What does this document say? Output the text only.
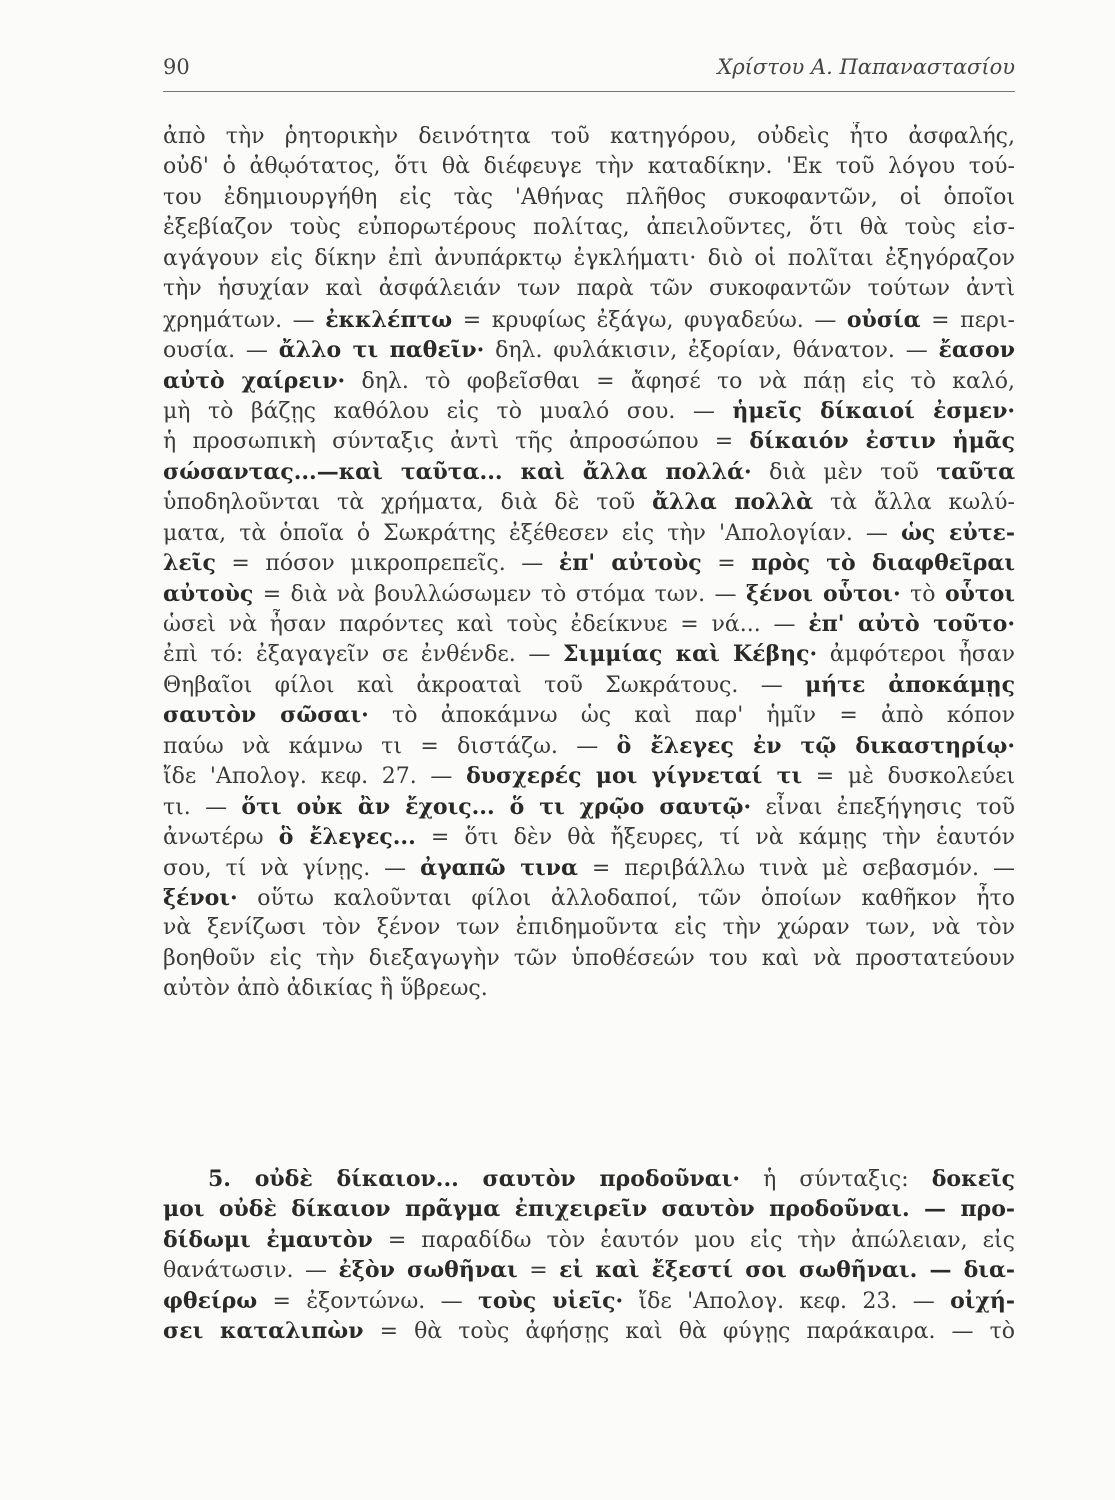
90	Χρίστου Α. Παπαναστασίου
ἀπὸ τὴν ῥητορικὴν δεινότητα τοῦ κατηγόρου, οὐδεὶς ἦτο ἀσφαλής,
οὐδ' ὁ ἀθῳότατος, ὅτι θὰ διέφευγε τὴν καταδίκην. 'Εκ τοῦ λόγου τού-
του ἐδημιουργήθη εἰς τὰς 'Αθήνας πλῆθος συκοφαντῶν, οἱ ὁποῖοι
ἐξεβίαζον τοὺς εὐπορωτέρους πολίτας, ἀπειλοῦντες, ὅτι θὰ τοὺς εἰσ-
αγάγουν εἰς δίκην ἐπὶ ἀνυπάρκτῳ ἐγκλήματι· διὸ οἱ πολῖται ἐξηγόραζον
τὴν ἡσυχίαν καὶ ἀσφάλειάν των παρὰ τῶν συκοφαντῶν τούτων ἀντὶ
χρημάτων. — ἐκκλέπτω = κρυφίως ἐξάγω, φυγαδεύω. — οὐσία = περι-
ουσία. — ἄλλο τι παθεῖν· δηλ. φυλάκισιν, ἐξορίαν, θάνατον. — ἔασον
αὐτὸ χαίρειν· δηλ. τὸ φοβεῖσθαι = ἄφησέ το νὰ πάῃ εἰς τὸ καλό,
μὴ τὸ βάζῃς καθόλου εἰς τὸ μυαλό σου. — ἡμεῖς δίκαιοί ἐσμεν·
ἡ προσωπικὴ σύνταξις ἀντὶ τῆς ἀπροσώπου = δίκαιόν ἐστιν ἡμᾶς
σώσαντας...—καὶ ταῦτα... καὶ ἄλλα πολλά· διὰ μὲν τοῦ ταῦτα
ὑποδηλοῦνται τὰ χρήματα, διὰ δὲ τοῦ ἄλλα πολλὰ τὰ ἄλλα κωλύ-
ματα, τὰ ὁποῖα ὁ Σωκράτης ἐξέθεσεν εἰς τὴν 'Απολογίαν. — ὡς εὐτε-
λεῖς = πόσον μικροπρεπεῖς. — ἐπ' αὐτοὺς = πρὸς τὸ διαφθεῖραι
αὐτοὺς = διὰ νὰ βουλλώσωμεν τὸ στόμα των. — ξένοι οὗτοι· τὸ οὗτοι
ὡσεὶ νὰ ἦσαν παρόντες καὶ τοὺς ἐδείκνυε = νά... — ἐπ' αὐτὸ τοῦτο·
ἐπὶ τό: ἐξαγαγεῖν σε ἐνθένδε. — Σιμμίας καὶ Κέβης· ἀμφότεροι ἦσαν
Θηβαῖοι φίλοι καὶ ἀκροαταὶ τοῦ Σωκράτους. — μήτε ἀποκάμῃς
σαυτὸν σῶσαι· τὸ ἀποκάμνω ὡς καὶ παρ' ἡμῖν = ἀπὸ κόπον
παύω νὰ κάμνω τι = διστάζω. — ὃ ἔλεγες ἐν τῷ δικαστηρίῳ·
ἴδε 'Απολογ. κεφ. 27. — δυσχερές μοι γίγνεταί τι = μὲ δυσκολεύει
τι. — ὅτι οὐκ ἂν ἔχοις... ὅ τι χρῷο σαυτῷ· εἶναι ἐπεξήγησις τοῦ
ἀνωτέρω ὃ ἔλεγες... = ὅτι δὲν θὰ ἤξευρες, τί νὰ κάμῃς τὴν ἑαυτόν
σου, τί νὰ γίνῃς. — ἀγαπῶ τινα = περιβάλλω τινὰ μὲ σεβασμόν. —
ξένοι· οὕτω καλοῦνται φίλοι ἀλλοδαποί, τῶν ὁποίων καθῆκον ἦτο
νὰ ξενίζωσι τὸν ξένον των ἐπιδημοῦντα εἰς τὴν χώραν των, νὰ τὸν
βοηθοῦν εἰς τὴν διεξαγωγὴν τῶν ὑποθέσεών του καὶ νὰ προστατεύουν
αὐτὸν ἀπὸ ἀδικίας ἢ ὕβρεως.
5. οὐδὲ δίκαιον... σαυτὸν προδοῦναι· ἡ σύνταξις: δοκεῖς
μοι οὐδὲ δίκαιον πρᾶγμα ἐπιχειρεῖν σαυτὸν προδοῦναι. — προ-
δίδωμι ἐμαυτὸν = παραδίδω τὸν ἑαυτόν μου εἰς τὴν ἀπώλειαν, εἰς
θανάτωσιν. — ἐξὸν σωθῆναι = εἰ καὶ ἔξεστί σοι σωθῆναι. — δια-
φθείρω = ἐξοντώνω. — τοὺς υἱεῖς· ἴδε 'Απολογ. κεφ. 23. — οἰχή-
σει καταλιπὼν = θὰ τοὺς ἀφήσῃς καὶ θὰ φύγῃς παράκαιρα. — τὸ
